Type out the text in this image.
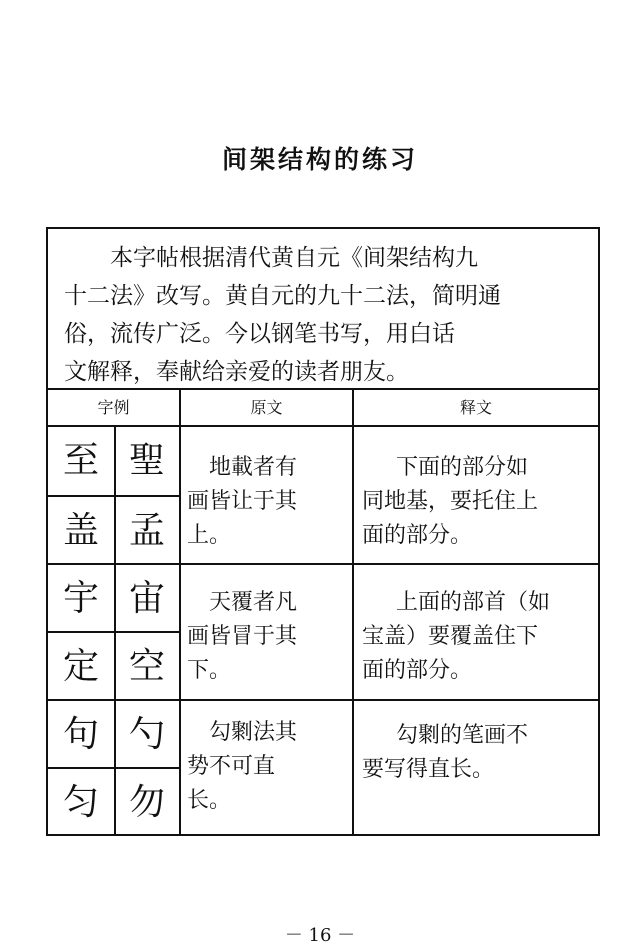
间架结构的练习
本字帖根据清代黄自元《间架结构九
十二法》改写。黄自元的九十二法，简明通
俗，流传广泛。今以钢笔书写，用白话
文解释，奉献给亲爱的读者朋友。
字例	原文	释文
至 聖
盖 孟
地載者有
画皆让于其
上。
下面的部分如
同地基，要托住上
面的部分。
宇 宙
定 空
天覆者凡
画皆冒于其
下。
上面的部首（如
宝盖）要覆盖住下
面的部分。
句 勺
匀 勿
勾㔌法其
势不可直
长。
勾㔌的笔画不
要写得直长。
－ 16 －
